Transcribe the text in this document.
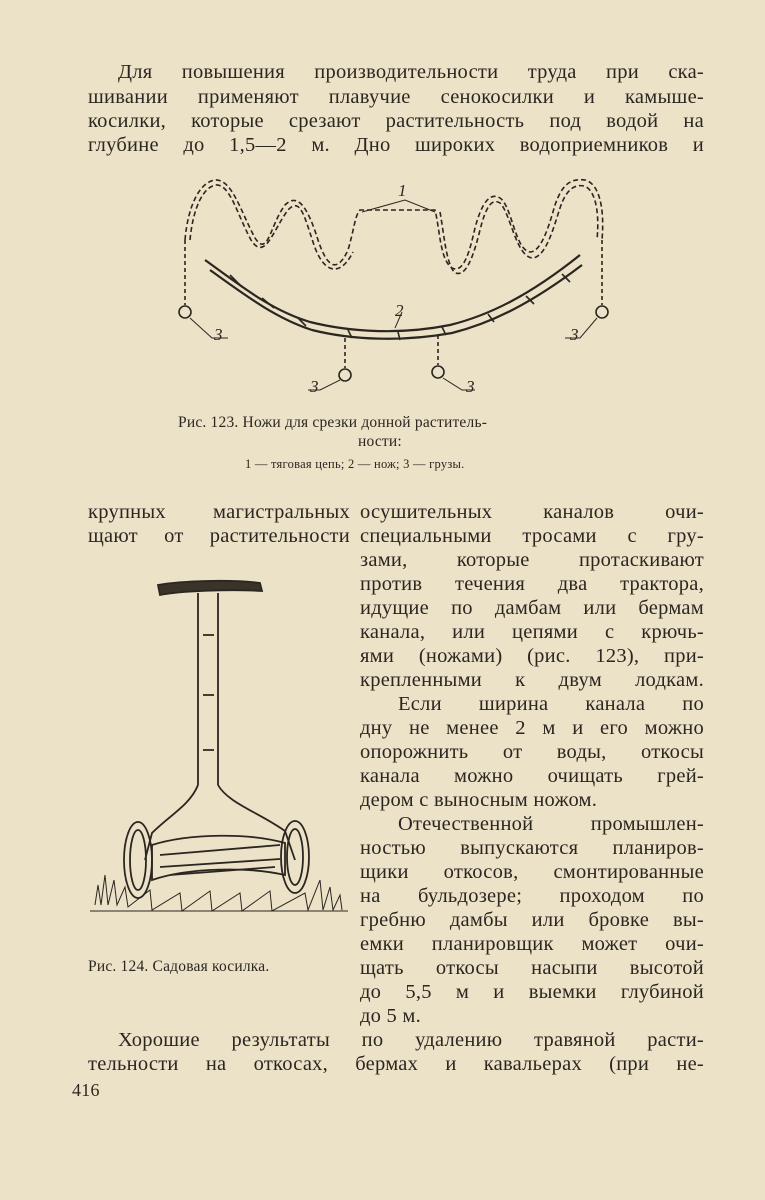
Для повышения производительности труда при ска-

шивании применяют плавучие сенокосилки и камыше-

косилки, которые срезают растительность под водой на

глубине до 1,5—2 м. Дно широких водоприемников и

1
2
3	3
3	3

Рис. 123. Ножи для срезки донной раститель-

ности:

1 — тяговая цепь; 2 — нож; 3 — грузы.

крупных магистральных

щают от растительности

Рис. 124. Садовая косилка.

осушительных каналов очи-

специальными тросами с гру-

зами, которые протаскивают

против течения два трактора,

идущие по дамбам или бермам

канала, или цепями с крючь-

ями (ножами) (рис. 123), при-

крепленными к двум лодкам.

Если ширина канала по

дну не менее 2 м и его можно

опорожнить от воды, откосы

канала можно очищать грей-

дером с выносным ножом.

Отечественной промышлен-

ностью выпускаются планиров-

щики откосов, смонтированные

на бульдозере; проходом по

гребню дамбы или бровке вы-

емки планировщик может очи-

щать откосы насыпи высотой

до 5,5 м и выемки глубиной

до 5 м.

Хорошие результаты по удалению травяной расти-

тельности на откосах, бермах и кавальерах (при не-

416
